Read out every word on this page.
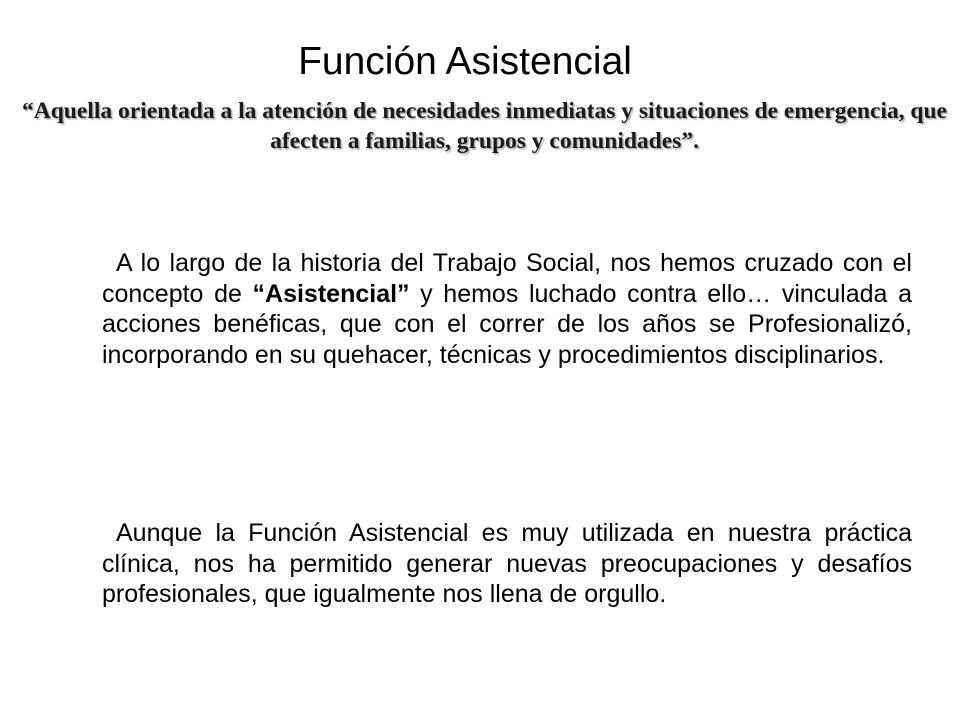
Función Asistencial
“Aquella orientada a la atención de necesidades inmediatas y situaciones de emergencia, que afecten a familias, grupos y comunidades”.

A lo largo de la historia del Trabajo Social, nos hemos cruzado con el concepto de “Asistencial” y hemos luchado contra ello… vinculada a acciones benéficas, que con el correr de los años se Profesionalizó, incorporando en su quehacer, técnicas y procedimientos disciplinarios.

Aunque la Función Asistencial es muy utilizada en nuestra práctica clínica, nos ha permitido generar nuevas preocupaciones y desafíos profesionales, que igualmente nos llena de orgullo.
